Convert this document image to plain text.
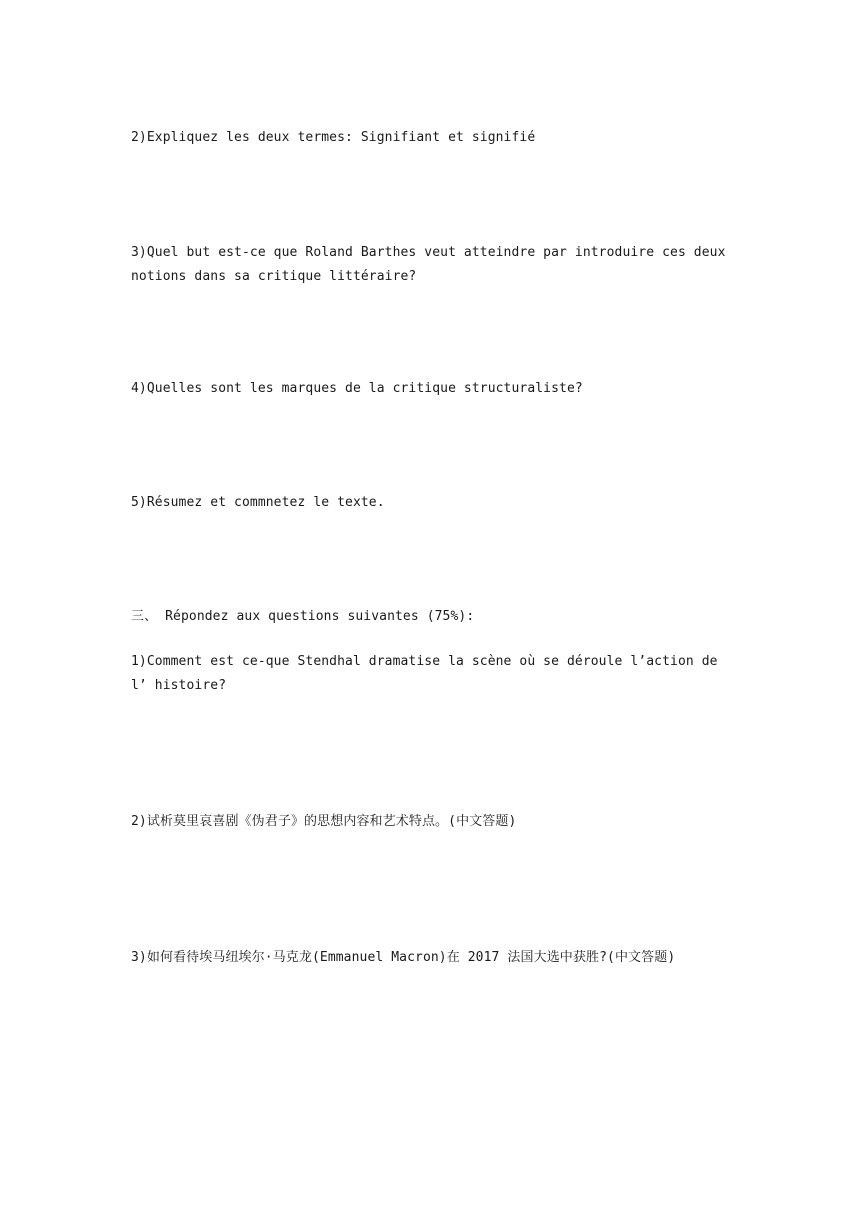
2)Expliquez les deux termes: Signifiant et signifié

3)Quel but est-ce que Roland Barthes veut atteindre par introduire ces deux notions dans sa critique littéraire?

4)Quelles sont les marques de la critique structuraliste?

5)Résumez et commnetez le texte.

三、 Répondez aux questions suivantes (75%):

1)Comment est ce-que Stendhal dramatise la scène où se déroule l’action de l’ histoire?

2)试析莫里哀喜剧《伪君子》的思想内容和艺术特点。(中文答题)

3)如何看待埃马纽埃尔·马克龙(Emmanuel Macron)在 2017 法国大选中获胜?(中文答题)
